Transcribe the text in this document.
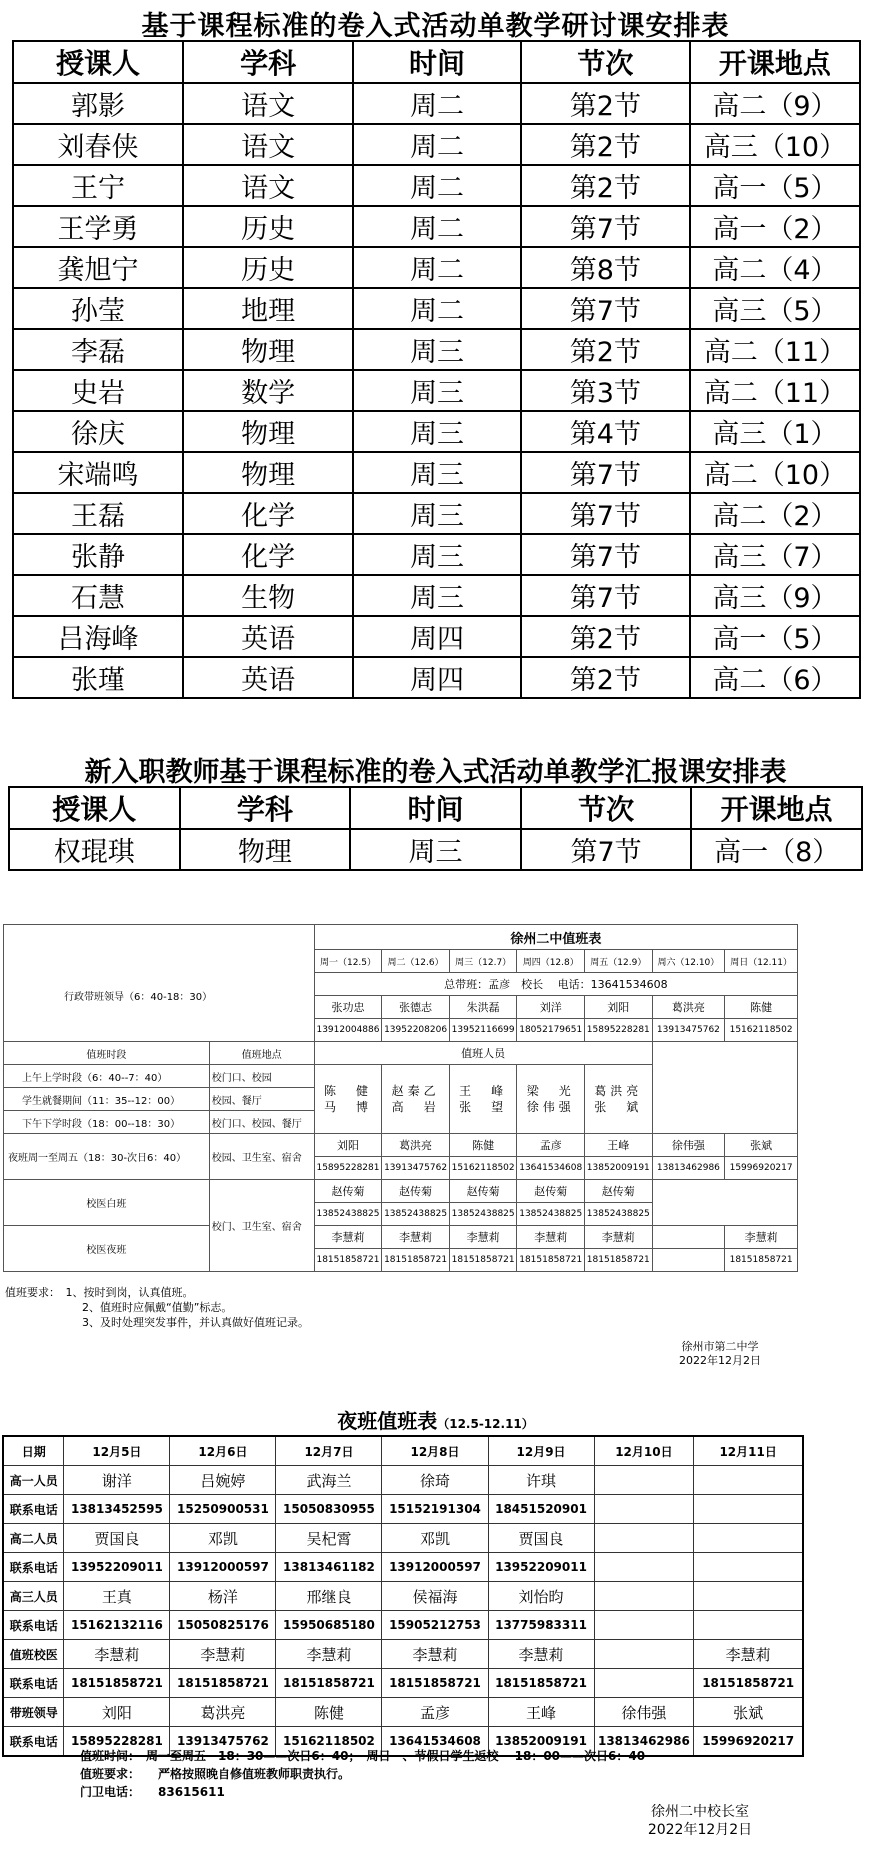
基于课程标准的卷入式活动单教学研讨课安排表
授课人	学科	时间	节次	开课地点
郭影	语文	周二	第2节	高二（9）
刘春侠	语文	周二	第2节	高三（10）
王宁	语文	周二	第2节	高一（5）
王学勇	历史	周二	第7节	高一（2）
龚旭宁	历史	周二	第8节	高二（4）
孙莹	地理	周二	第7节	高三（5）
李磊	物理	周三	第2节	高二（11）
史岩	数学	周三	第3节	高二（11）
徐庆	物理	周三	第4节	高三（1）
宋端鸣	物理	周三	第7节	高二（10）
王磊	化学	周三	第7节	高二（2）
张静	化学	周三	第7节	高三（7）
石慧	生物	周三	第7节	高三（9）
吕海峰	英语	周四	第2节	高一（5）
张瑾	英语	周四	第2节	高二（6）
新入职教师基于课程标准的卷入式活动单教学汇报课安排表
授课人	学科	时间	节次	开课地点
权琨琪	物理	周三	第7节	高一（8）
		徐州二中值班表						
行政带班领导（6：40-18：30）		周一（12.5）	周二（12.6）	周三（12.7）	周四（12.8）	周五（12.9）	周六（12.10）	周日（12.11）
		总带班：孟彦　校长　 电话：13641534608						
		张功忠	张德志	朱洪磊	刘洋	刘阳	葛洪亮	陈健
		13912004886	13952208206	13952116699	18052179651	15895228281	13913475762	15162118502
值班时段	值班地点	值班人员						
上午上学时段（6：40--7：40）	校门口、校园	陈　健 马　博	赵秦乙 高　岩	王　峰 张　望	梁　光 徐伟强	葛洪亮 张　斌		
学生就餐期间（11：35--12：00）	校园、餐厅							
下午下学时段（18：00--18：30）	校门口、校园、餐厅							
夜班周一至周五（18：30-次日6：40）	校园、卫生室、宿舍	刘阳	葛洪亮	陈健	孟彦	王峰	徐伟强	张斌
		15895228281	13913475762	15162118502	13641534608	13852009191	13813462986	15996920217
校医白班	校门、卫生室、宿舍	赵传菊	赵传菊	赵传菊	赵传菊	赵传菊		
		13852438825	13852438825	13852438825	13852438825	13852438825		
校医夜班		李慧莉	李慧莉	李慧莉	李慧莉	李慧莉		李慧莉
		18151858721	18151858721	18151858721	18151858721	18151858721		18151858721
值班要求：　1、按时到岗，认真值班。
2、值班时应佩戴“值勤”标志。
3、及时处理突发事件，并认真做好值班记录。
徐州市第二中学
2022年12月2日
夜班值班表（12.5-12.11）
日期	12月5日	12月6日	12月7日	12月8日	12月9日	12月10日	12月11日
高一人员	谢洋	吕婉婷	武海兰	徐琦	许琪		
联系电话	13813452595	15250900531	15050830955	15152191304	18451520901		
高二人员	贾国良	邓凯	吴杞霄	邓凯	贾国良		
联系电话	13952209011	13912000597	13813461182	13912000597	13952209011		
高三人员	王真	杨洋	邢继良	侯福海	刘怡昀		
联系电话	15162132116	15050825176	15950685180	15905212753	13775983311		
值班校医	李慧莉	李慧莉	李慧莉	李慧莉	李慧莉		李慧莉
联系电话	18151858721	18151858721	18151858721	18151858721	18151858721		18151858721
带班领导	刘阳	葛洪亮	陈健	孟彦	王峰	徐伟强	张斌
联系电话	15895228281	13913475762	15162118502	13641534608	13852009191	13813462986	15996920217
值班时间：　周一至周五　18：30——次日6：40；　周日　、节假日学生返校　 18：00——次日6：40
值班要求：　　严格按照晚自修值班教师职责执行。
门卫电话：　　83615611
徐州二中校长室
2022年12月2日
